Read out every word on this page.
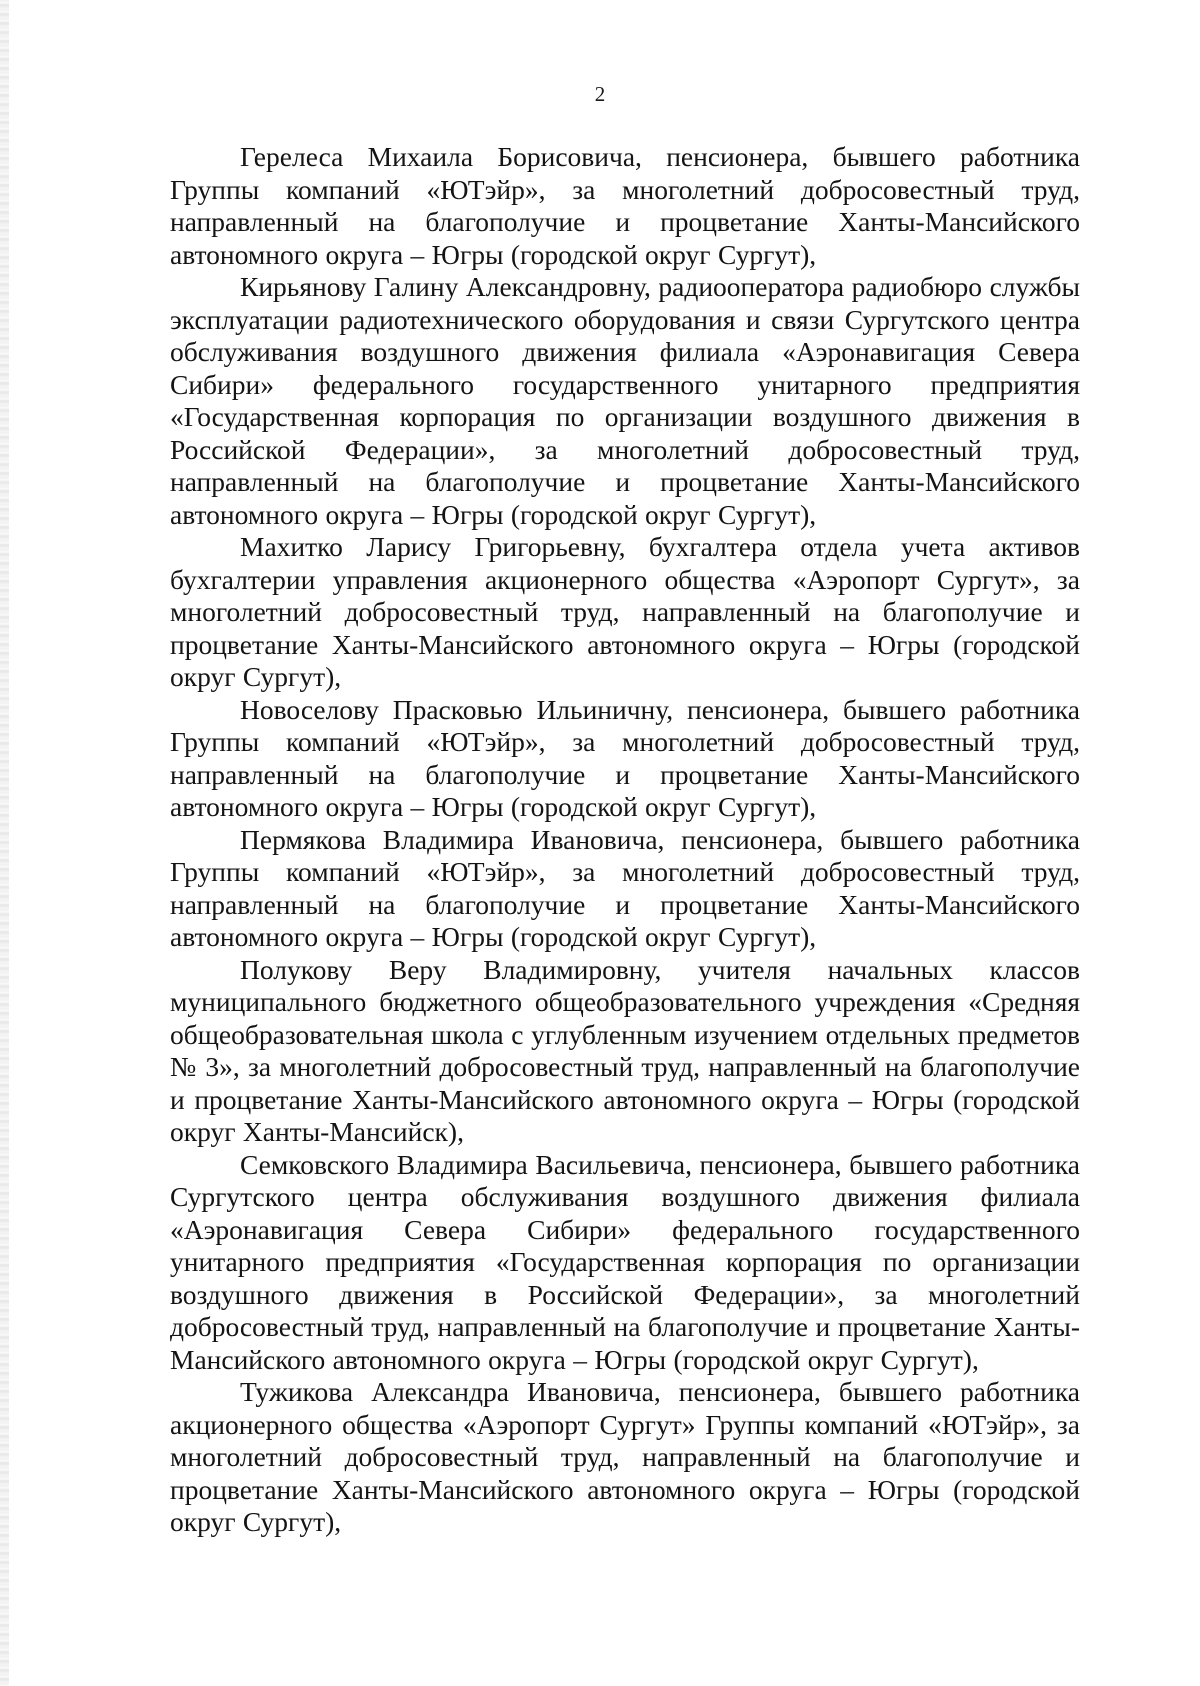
2

Герелеса Михаила Борисовича, пенсионера, бывшего работника Группы компаний «ЮТэйр», за многолетний добросовестный труд, направленный на благополучие и процветание Ханты-Мансийского автономного округа – Югры (городской округ Сургут),

Кирьянову Галину Александровну, радиооператора радиобюро службы эксплуатации радиотехнического оборудования и связи Сургутского центра обслуживания воздушного движения филиала «Аэронавигация Севера Сибири» федерального государственного унитарного предприятия «Государственная корпорация по организации воздушного движения в Российской Федерации», за многолетний добросовестный труд, направленный на благополучие и процветание Ханты-Мансийского автономного округа – Югры (городской округ Сургут),

Махитко Ларису Григорьевну, бухгалтера отдела учета активов бухгалтерии управления акционерного общества «Аэропорт Сургут», за многолетний добросовестный труд, направленный на благополучие и процветание Ханты-Мансийского автономного округа – Югры (городской округ Сургут),

Новоселову Прасковью Ильиничну, пенсионера, бывшего работника Группы компаний «ЮТэйр», за многолетний добросовестный труд, направленный на благополучие и процветание Ханты-Мансийского автономного округа – Югры (городской округ Сургут),

Пермякова Владимира Ивановича, пенсионера, бывшего работника Группы компаний «ЮТэйр», за многолетний добросовестный труд, направленный на благополучие и процветание Ханты-Мансийского автономного округа – Югры (городской округ Сургут),

Полукову Веру Владимировну, учителя начальных классов муниципального бюджетного общеобразовательного учреждения «Средняя общеобразовательная школа с углубленным изучением отдельных предметов № 3», за многолетний добросовестный труд, направленный на благополучие и процветание Ханты-Мансийского автономного округа – Югры (городской округ Ханты-Мансийск),

Семковского Владимира Васильевича, пенсионера, бывшего работника Сургутского центра обслуживания воздушного движения филиала «Аэронавигация Севера Сибири» федерального государственного унитарного предприятия «Государственная корпорация по организации воздушного движения в Российской Федерации», за многолетний добросовестный труд, направленный на благополучие и процветание Ханты-Мансийского автономного округа – Югры (городской округ Сургут),

Тужикова Александра Ивановича, пенсионера, бывшего работника акционерного общества «Аэропорт Сургут» Группы компаний «ЮТэйр», за многолетний добросовестный труд, направленный на благополучие и процветание Ханты-Мансийского автономного округа – Югры (городской округ Сургут),
